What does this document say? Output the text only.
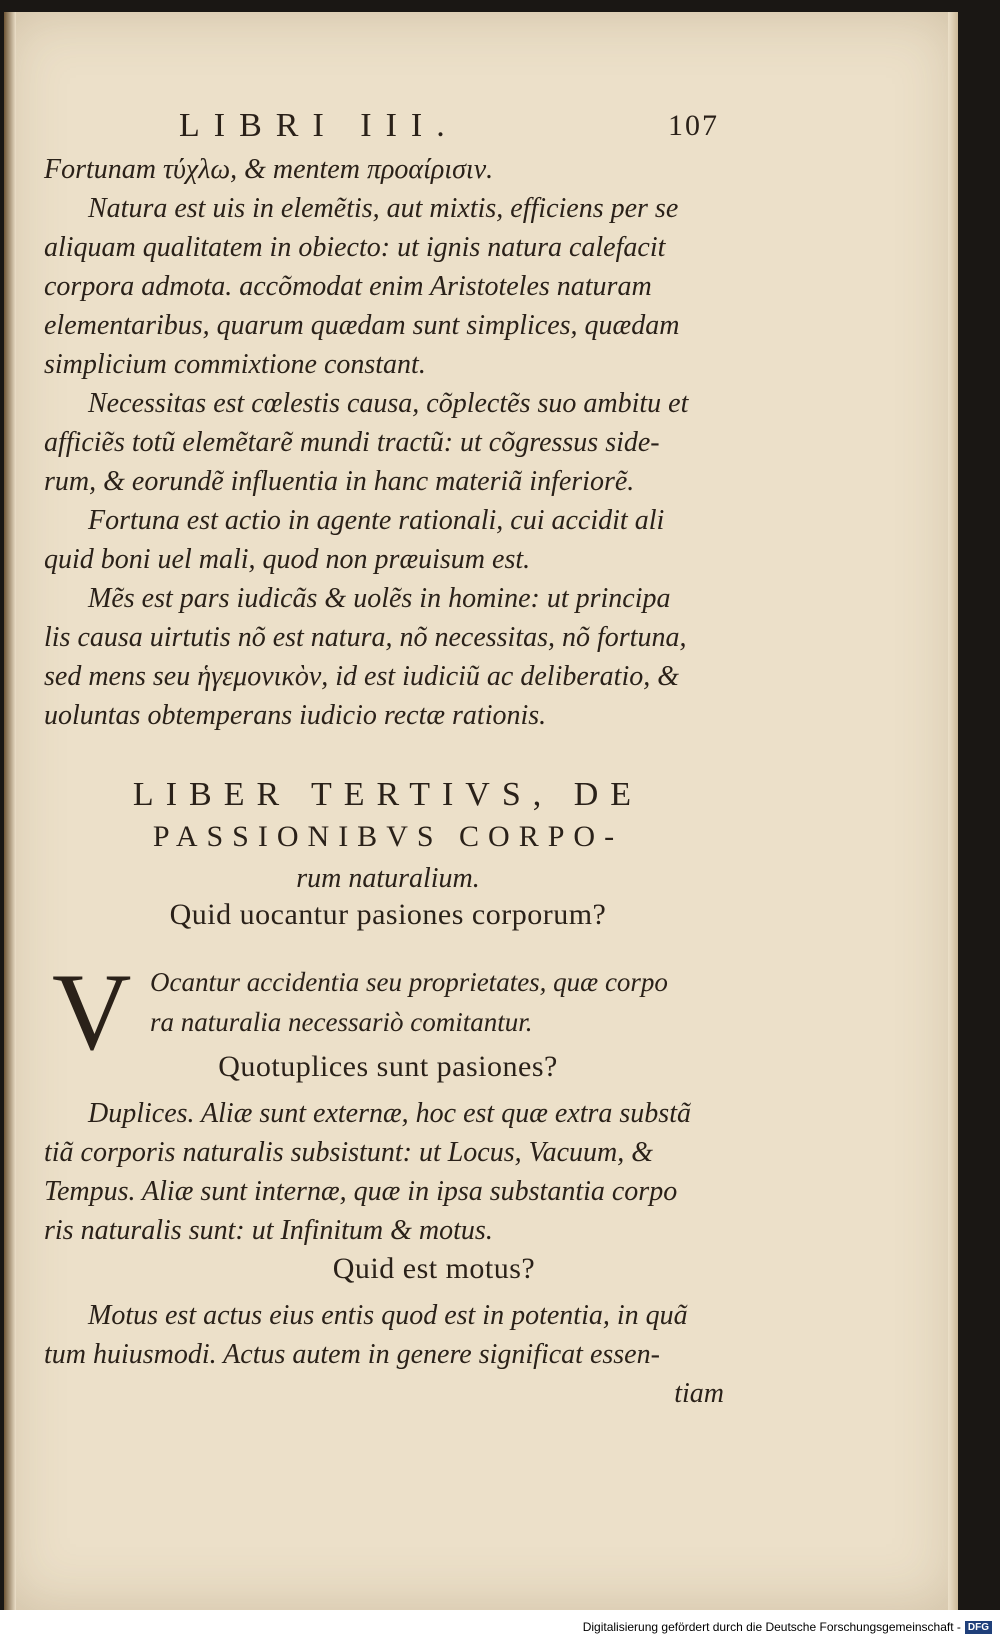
LIBRI III.	107

Fortunam τύχλω, & mentem προαίρισιν.

Natura est uis in elemẽtis, aut mixtis, efficiens per se

aliquam qualitatem in obiecto: ut ignis natura calefacit

corpora admota. accõmodat enim Aristoteles naturam

elementaribus, quarum quædam sunt simplices, quædam

simplicium commixtione constant.

Necessitas est cœlestis causa, cõplectẽs suo ambitu et

afficiẽs totũ elemẽtarẽ mundi tractũ: ut cõgressus side-

rum, & eorundẽ influentia in hanc materiã inferiorẽ.

Fortuna est actio in agente rationali, cui accidit ali

quid boni uel mali, quod non præuisum est.

Mẽs est pars iudicãs & uolẽs in homine: ut principa

lis causa uirtutis nõ est natura, nõ necessitas, nõ fortuna,

sed mens seu ἡγεμονικὸν, id est iudiciũ ac deliberatio, &

uoluntas obtemperans iudicio rectæ rationis.

LIBER TERTIVS, DE
PASSIONIBVS CORPO-
rum naturalium.
Quid uocantur pasiones corporum?
V Ocantur accidentia seu proprietates, quæ corpo
ra naturalia necessariò comitantur.
Quotuplices sunt pasiones?

Duplices. Aliæ sunt externæ, hoc est quæ extra substã

tiã corporis naturalis subsistunt: ut Locus, Vacuum, &

Tempus. Aliæ sunt internæ, quæ in ipsa substantia corpo

ris naturalis sunt: ut Infinitum & motus.

Quid est motus?

Motus est actus eius entis quod est in potentia, in quã

tum huiusmodi. Actus autem in genere significat essen-

tiam

Digitalisierung gefördert durch die Deutsche Forschungsgemeinschaft - DFG
